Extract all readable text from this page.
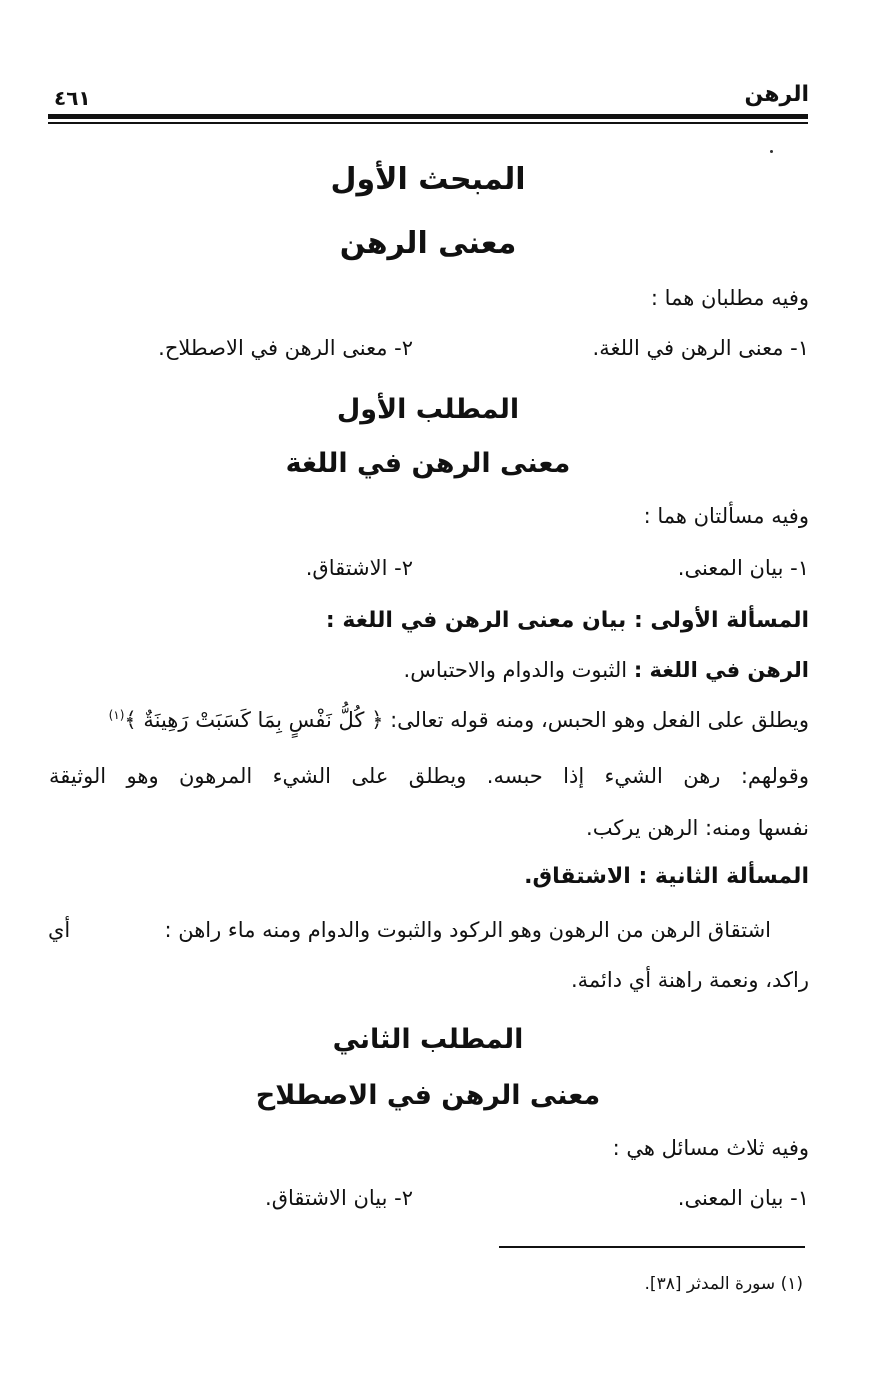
الرهن
٤٦١
المبحث الأول
معنى الرهن
وفيه مطلبان هما :
١- معنى الرهن في اللغة.
٢- معنى الرهن في الاصطلاح.
المطلب الأول
معنى الرهن في اللغة
وفيه مسألتان هما :
١- بيان المعنى.
٢- الاشتقاق.
المسألة الأولى : بيان معنى الرهن في اللغة :
الرهن في اللغة : الثبوت والدوام والاحتباس.
ويطلق على الفعل وهو الحبس، ومنه قوله تعالى: ﴿ كُلُّ نَفْسٍ بِمَا كَسَبَتْ رَهِينَةٌ ﴾$^{(١)}$
وقولهم: رهن الشيء إذا حبسه. ويطلق على الشيء المرهون وهو الوثيقة
نفسها ومنه: الرهن يركب.
المسألة الثانية : الاشتقاق.
اشتقاق الرهن من الرهون وهو الركود والثبوت والدوام ومنه ماء راهن :
أي
راكد، ونعمة راهنة أي دائمة.
المطلب الثاني
معنى الرهن في الاصطلاح
وفيه ثلاث مسائل هي :
١- بيان المعنى.
٢- بيان الاشتقاق.
(١) سورة المدثر [٣٨].
